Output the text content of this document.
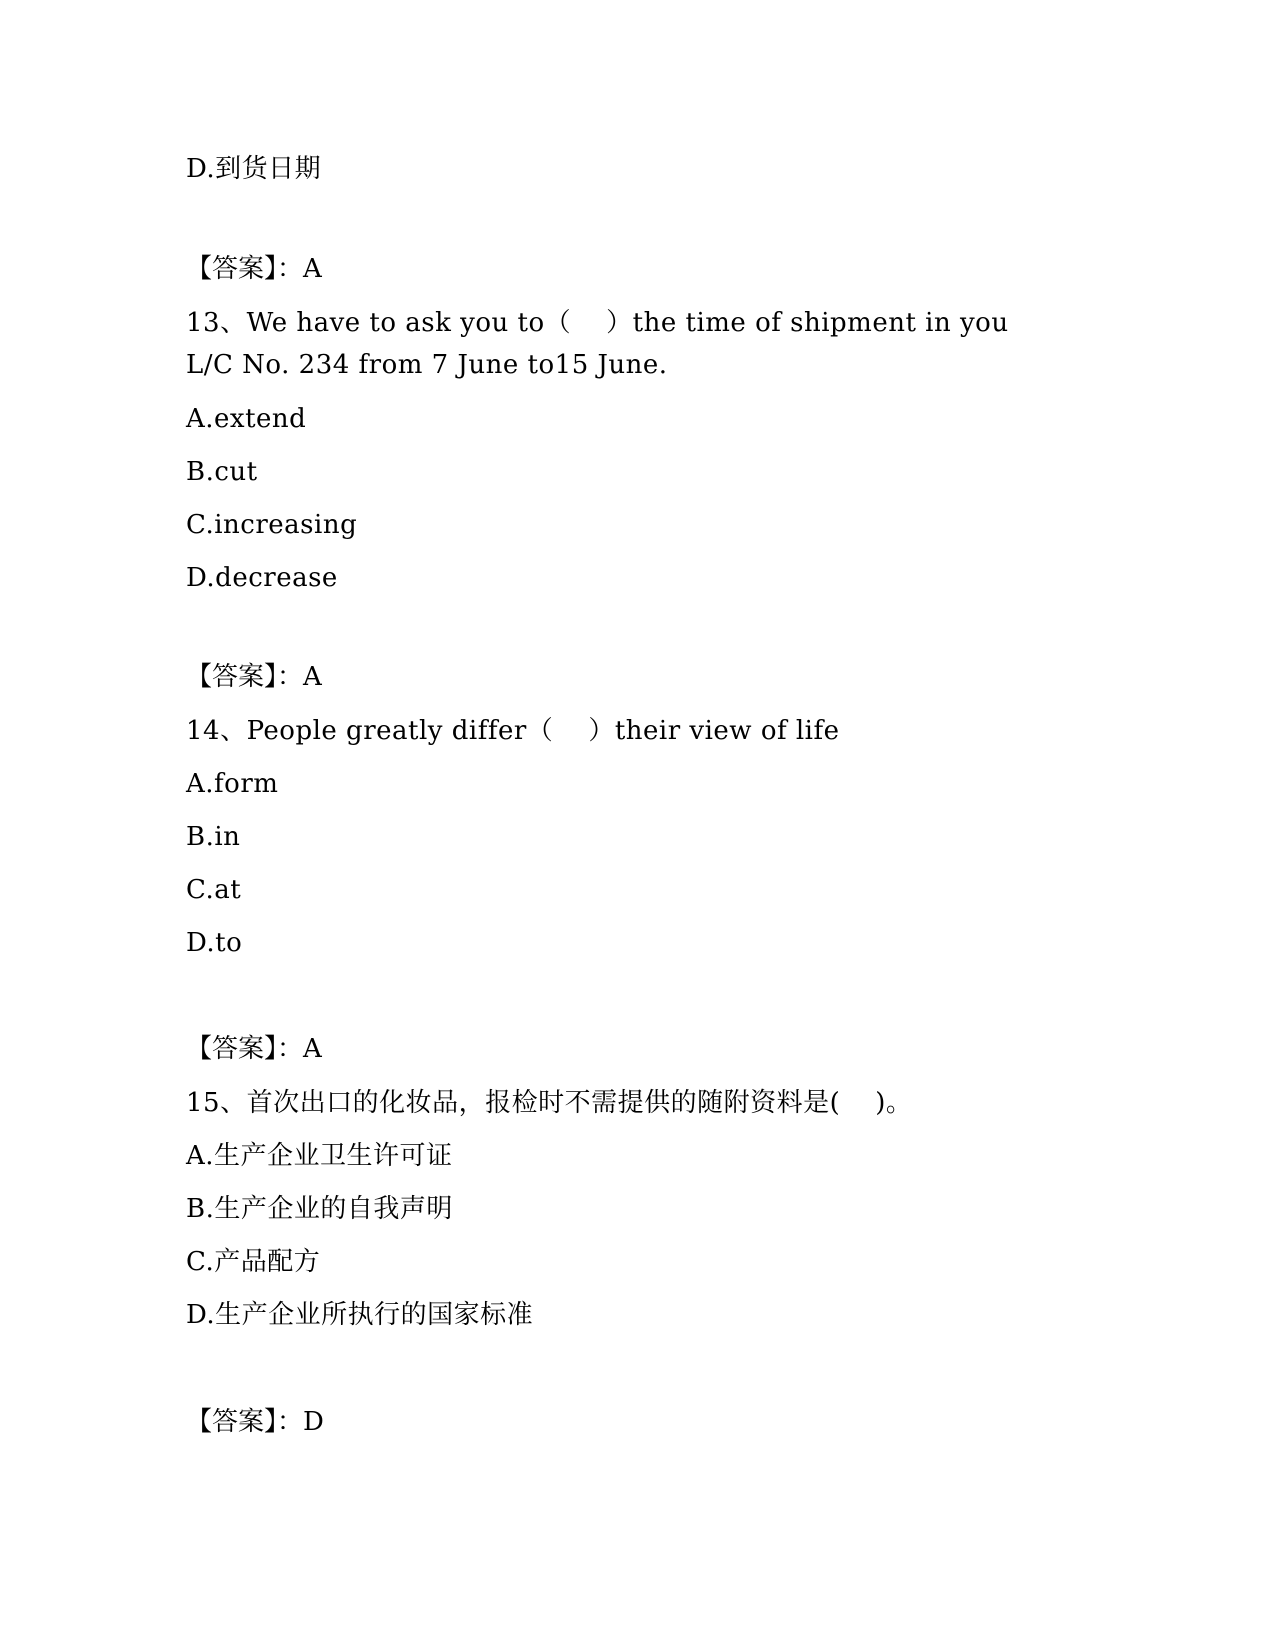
D.到货日期
【答案】：A
13、We have to ask you to（    ）the time of shipment in you
L/C No. 234 from 7 June to15 June.
A.extend
B.cut
C.increasing
D.decrease
【答案】：A
14、People greatly differ（    ）their view of life
A.form
B.in
C.at
D.to
【答案】：A
15、首次出口的化妆品，报检时不需提供的随附资料是(    )。
A.生产企业卫生许可证
B.生产企业的自我声明
C.产品配方
D.生产企业所执行的国家标准
【答案】：D
